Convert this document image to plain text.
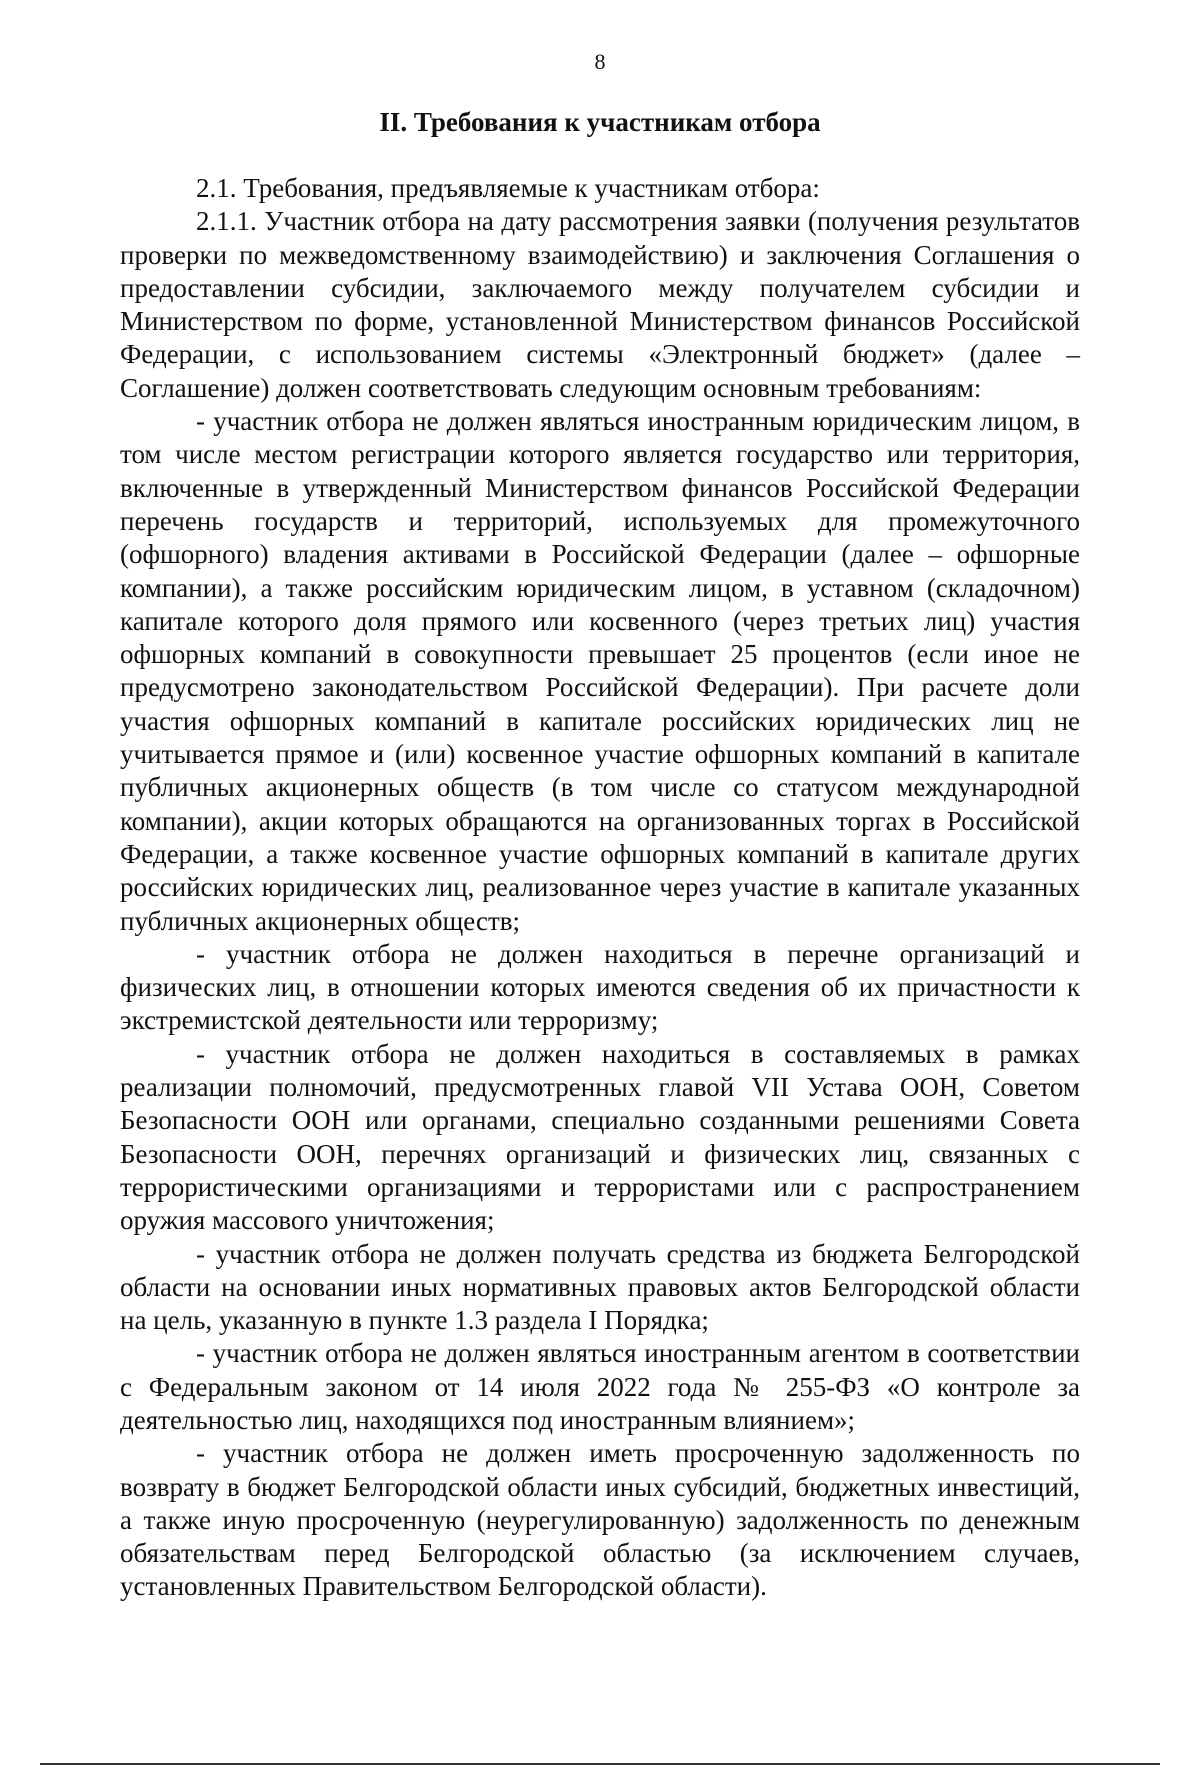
8
II. Требования к участникам отбора

2.1. Требования, предъявляемые к участникам отбора:

2.1.1. Участник отбора на дату рассмотрения заявки (получения результатов проверки по межведомственному взаимодействию) и заключения Соглашения о предоставлении субсидии, заключаемого между получателем субсидии и Министерством по форме, установленной Министерством финансов Российской Федерации, с использованием системы «Электронный бюджет» (далее – Соглашение) должен соответствовать следующим основным требованиям:

- участник отбора не должен являться иностранным юридическим лицом, в том числе местом регистрации которого является государство или территория, включенные в утвержденный Министерством финансов Российской Федерации перечень государств и территорий, используемых для промежуточного (офшорного) владения активами в Российской Федерации (далее – офшорные компании), а также российским юридическим лицом, в уставном (складочном) капитале которого доля прямого или косвенного (через третьих лиц) участия офшорных компаний в совокупности превышает 25 процентов (если иное не предусмотрено законодательством Российской Федерации). При расчете доли участия офшорных компаний в капитале российских юридических лиц не учитывается прямое и (или) косвенное участие офшорных компаний в капитале публичных акционерных обществ (в том числе со статусом международной компании), акции которых обращаются на организованных торгах в Российской Федерации, а также косвенное участие офшорных компаний в капитале других российских юридических лиц, реализованное через участие в капитале указанных публичных акционерных обществ;

- участник отбора не должен находиться в перечне организаций и физических лиц, в отношении которых имеются сведения об их причастности к экстремистской деятельности или терроризму;

- участник отбора не должен находиться в составляемых в рамках реализации полномочий, предусмотренных главой VII Устава ООН, Советом Безопасности ООН или органами, специально созданными решениями Совета Безопасности ООН, перечнях организаций и физических лиц, связанных с террористическими организациями и террористами или с распространением оружия массового уничтожения;

- участник отбора не должен получать средства из бюджета Белгородской области на основании иных нормативных правовых актов Белгородской области на цель, указанную в пункте 1.3 раздела I Порядка;

- участник отбора не должен являться иностранным агентом в соответствии с Федеральным законом от 14 июля 2022 года № 255-ФЗ «О контроле за деятельностью лиц, находящихся под иностранным влиянием»;

- участник отбора не должен иметь просроченную задолженность по возврату в бюджет Белгородской области иных субсидий, бюджетных инвестиций, а также иную просроченную (неурегулированную) задолженность по денежным обязательствам перед Белгородской областью (за исключением случаев, установленных Правительством Белгородской области).
